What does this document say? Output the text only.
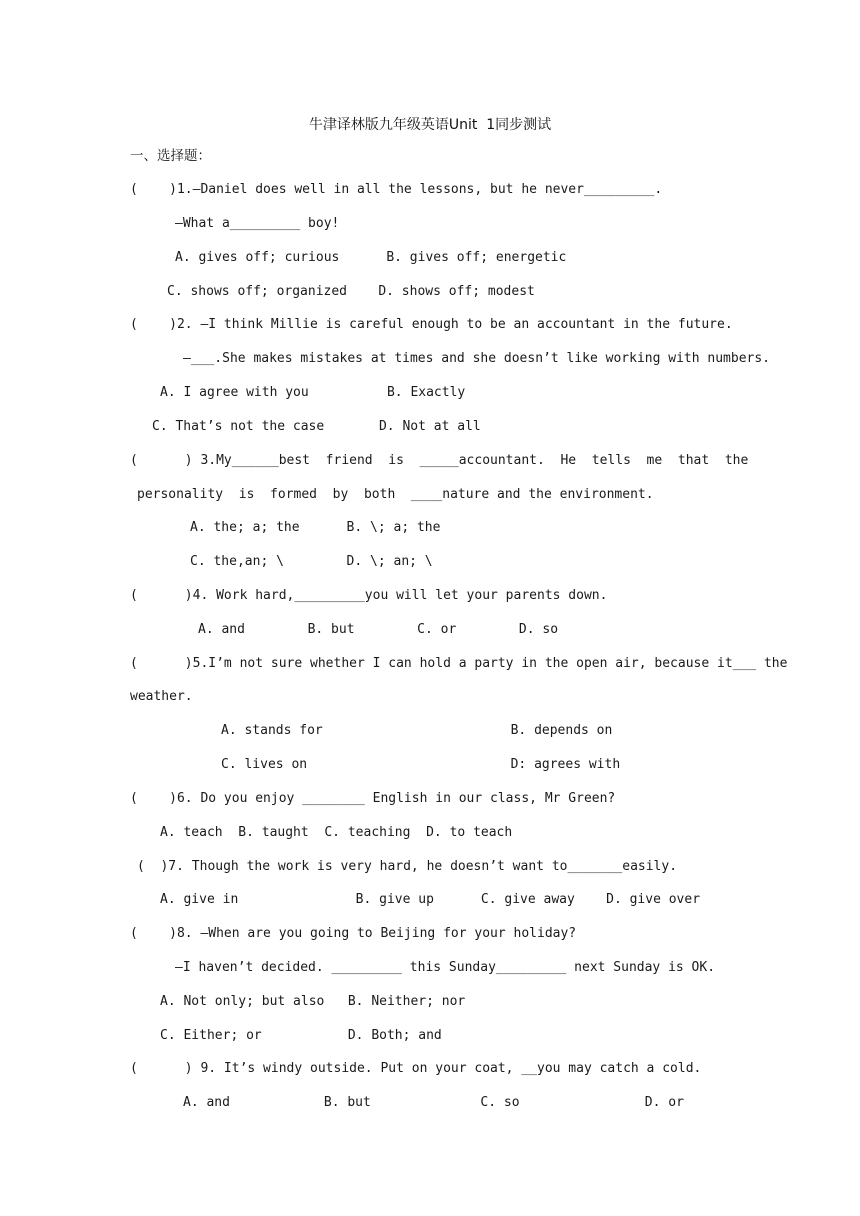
牛津译林版九年级英语Unit  1同步测试
一、选择题：
(    )1.—Daniel does well in all the lessons, but he never_________.
—What a_________ boy!
A. gives off; curious      B. gives off; energetic
C. shows off; organized    D. shows off; modest
(    )2. —I think Millie is careful enough to be an accountant in the future.
—___.She makes mistakes at times and she doesn’t like working with numbers.
A. I agree with you          B. Exactly
C. That’s not the case       D. Not at all
(      ) 3.My______best  friend  is  _____accountant.  He  tells  me  that  the
personality  is  formed  by  both  ____nature and the environment.
A. the; a; the      B. \; a; the
C. the,an; \        D. \; an; \
(      )4. Work hard,_________you will let your parents down.
A. and        B. but        C. or        D. so
(      )5.I’m not sure whether I can hold a party in the open air, because it___ the
weather.
A. stands for                        B. depends on
C. lives on                          D: agrees with
(    )6. Do you enjoy ________ English in our class, Mr Green?
A. teach  B. taught  C. teaching  D. to teach
(  )7. Though the work is very hard, he doesn’t want to_______easily.
A. give in               B. give up      C. give away    D. give over
(    )8. —When are you going to Beijing for your holiday?
—I haven’t decided. _________ this Sunday_________ next Sunday is OK.
A. Not only; but also   B. Neither; nor
C. Either; or           D. Both; and
(      ) 9. It’s windy outside. Put on your coat, __you may catch a cold.
A. and            B. but              C. so                D. or
